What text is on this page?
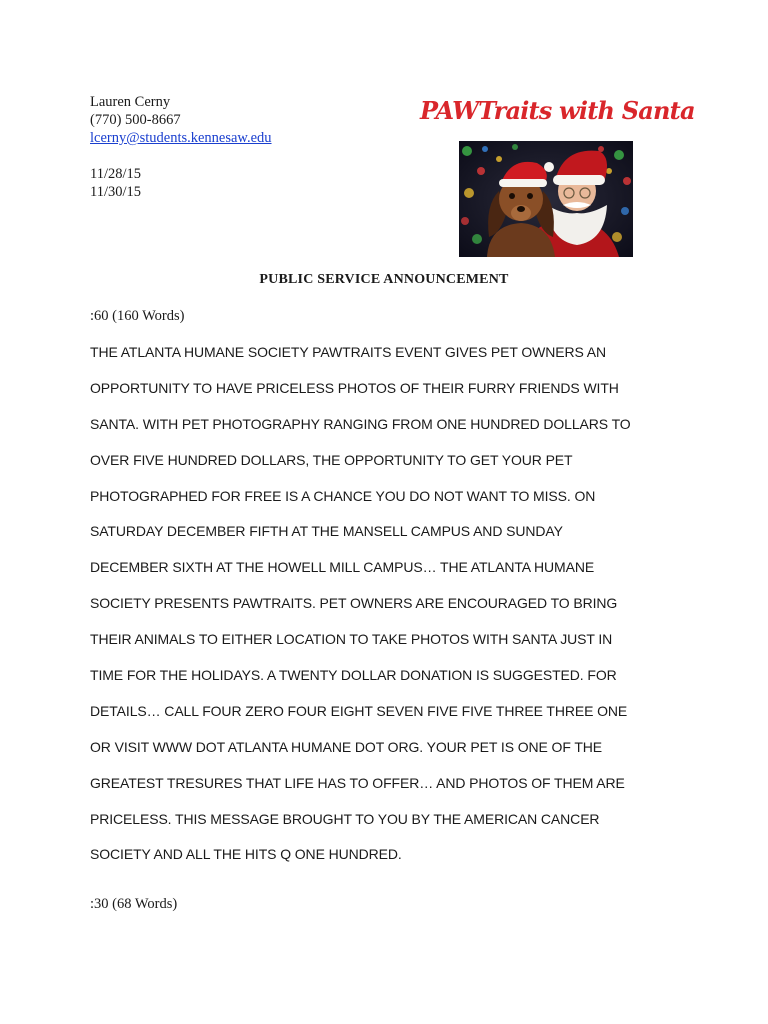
Lauren Cerny
(770) 500-8667
lcerny@students.kennesaw.edu
11/28/15
11/30/15
PAWTraits with Santa
PUBLIC SERVICE ANNOUNCEMENT
:60 (160 Words)
THE ATLANTA HUMANE SOCIETY PAWTRAITS EVENT GIVES PET OWNERS AN
OPPORTUNITY TO HAVE PRICELESS PHOTOS OF THEIR FURRY FRIENDS WITH
SANTA. WITH PET PHOTOGRAPHY RANGING FROM ONE HUNDRED DOLLARS TO
OVER FIVE HUNDRED DOLLARS, THE OPPORTUNITY TO GET YOUR PET
PHOTOGRAPHED FOR FREE IS A CHANCE YOU DO NOT WANT TO MISS. ON
SATURDAY DECEMBER FIFTH AT THE MANSELL CAMPUS AND SUNDAY
DECEMBER SIXTH AT THE HOWELL MILL CAMPUS… THE ATLANTA HUMANE
SOCIETY PRESENTS PAWTRAITS. PET OWNERS ARE ENCOURAGED TO BRING
THEIR ANIMALS TO EITHER LOCATION TO TAKE PHOTOS WITH SANTA JUST IN
TIME FOR THE HOLIDAYS. A TWENTY DOLLAR DONATION IS SUGGESTED. FOR
DETAILS… CALL FOUR ZERO FOUR EIGHT SEVEN FIVE FIVE THREE THREE ONE
OR VISIT WWW DOT ATLANTA HUMANE DOT ORG. YOUR PET IS ONE OF THE
GREATEST TRESURES THAT LIFE HAS TO OFFER… AND PHOTOS OF THEM ARE
PRICELESS. THIS MESSAGE BROUGHT TO YOU BY THE AMERICAN CANCER
SOCIETY AND ALL THE HITS Q ONE HUNDRED.
:30 (68 Words)
